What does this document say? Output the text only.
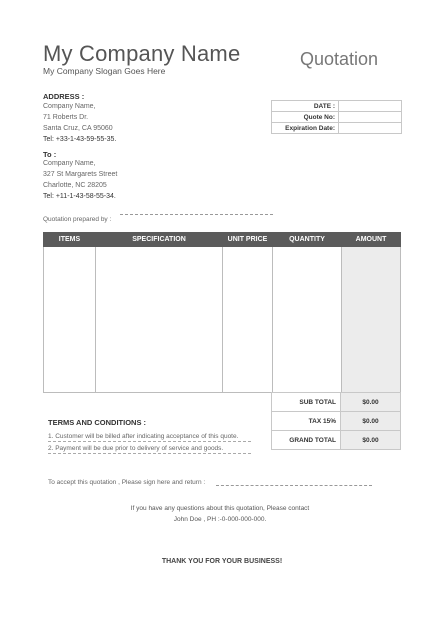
My Company Name
My Company Slogan Goes Here
Quotation
ADDRESS :
Company Name,
71 Roberts Dr.
Santa Cruz, CA 95060
Tel: +33-1-43-59-55-35.
To :
Company Name,
327 St Margarets Street
Charlotte, NC 28205
Tel: +11-1-43-58-55-34.
DATE :	
Quote No:	
Expiration Date:	
Quotation prepared by :
ITEMS	SPECIFICATION	UNIT PRICE	QUANTITY	AMOUNT

SUB TOTAL	$0.00
TAX 15%	$0.00
GRAND TOTAL	$0.00
TERMS AND CONDITIONS :
1. Customer will be billed after indicating acceptance of this quote.
2. Payment will be due prior to delivery of service and goods.
To accept this quotation , Please sign here and return :
If you have any questions about this quotation, Please contact
John Doe , PH :-0-000-000-000.
THANK YOU FOR YOUR BUSINESS!
